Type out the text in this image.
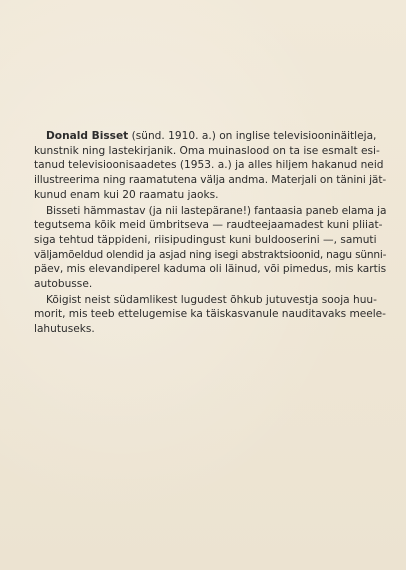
Donald Bisset (sünd. 1910. a.) on inglise televisiooninäitleja,
kunstnik ning lastekirjanik. Oma muinaslood on ta ise esmalt esi-
tanud televisioonisaadetes (1953. a.) ja alles hiljem hakanud neid
illustreerima ning raamatutena välja andma. Materjali on tänini jät-
kunud enam kui 20 raamatu jaoks.

Bisseti hämmastav (ja nii lastepärane!) fantaasia paneb elama ja
tegutsema kõik meid ümbritseva — raudteejaamadest kuni pliiat-
siga tehtud täppideni, riisipudingust kuni buldooserini —, samuti
väljamõeldud olendid ja asjad ning isegi abstraktsioonid, nagu sünni-
päev, mis elevandiperel kaduma oli läinud, või pimedus, mis kartis
autobusse.

Kõigist neist südamlikest lugudest õhkub jutuvestja sooja huu-
morit, mis teeb ettelugemise ka täiskasvanule nauditavaks meele-
lahutuseks.
